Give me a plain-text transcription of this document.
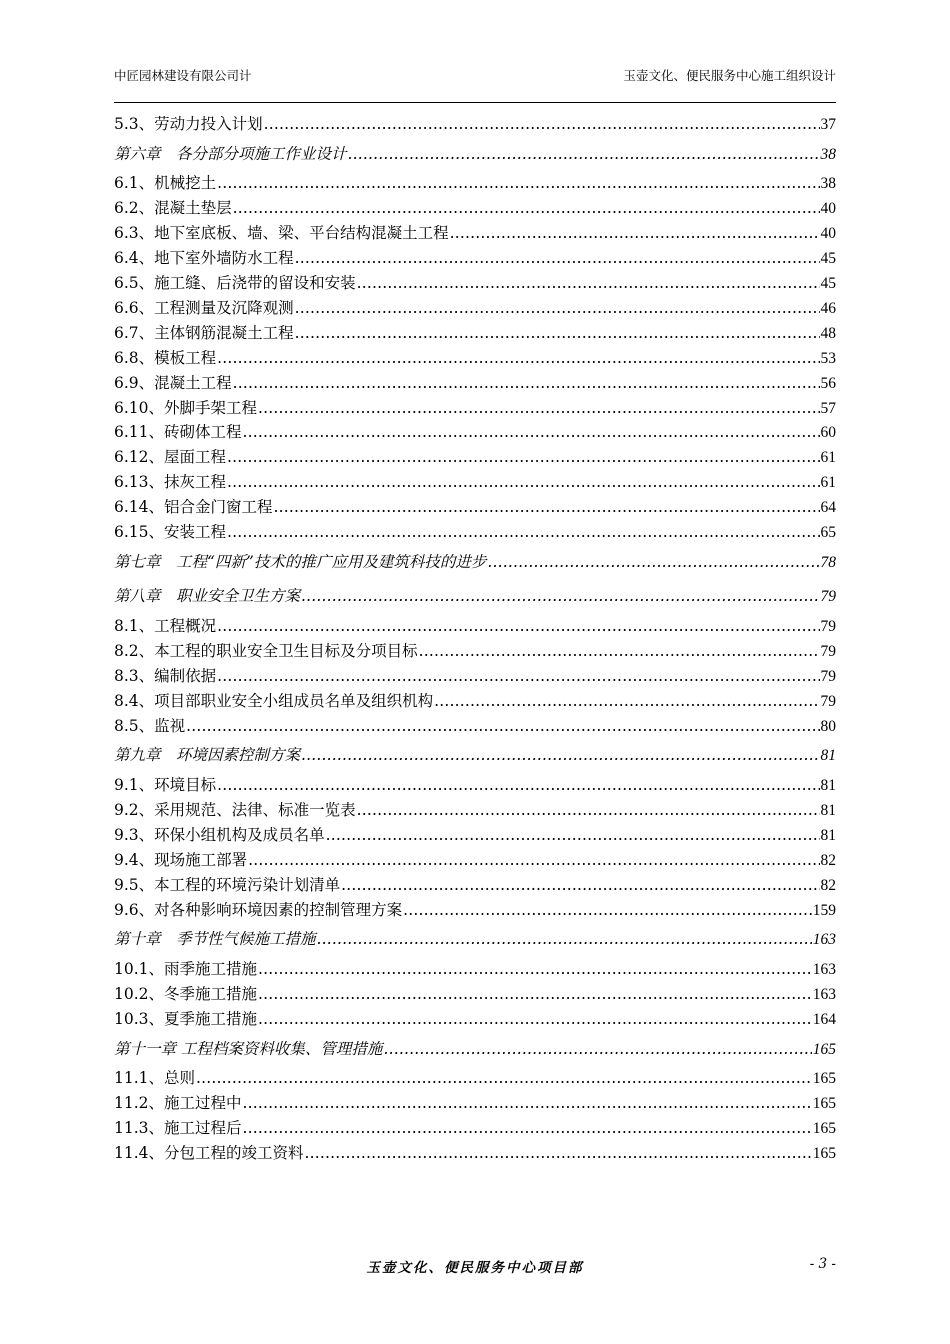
中匠园林建设有限公司计	玉壶文化、便民服务中心施工组织设计
5.3、劳动力投入计划 .....	37
第六章　各分部分项施工作业设计 .....	38
6.1、机械挖土 .....	38
6.2、混凝土垫层 .....	40
6.3、地下室底板、墙、梁、平台结构混凝土工程 .....	40
6.4、地下室外墙防水工程 .....	45
6.5、施工缝、后浇带的留设和安装 .....	45
6.6、工程测量及沉降观测 .....	46
6.7、主体钢筋混凝土工程 .....	48
6.8、模板工程 .....	53
6.9、混凝土工程 .....	56
6.10、外脚手架工程 .....	57
6.11、砖砌体工程 .....	60
6.12、屋面工程 .....	61
6.13、抹灰工程 .....	61
6.14、铝合金门窗工程 .....	64
6.15、安装工程 .....	65
第七章　工程“四新”技术的推广应用及建筑科技的进步 .....	78
第八章　职业安全卫生方案 .....	79
8.1、工程概况 .....	79
8.2、本工程的职业安全卫生目标及分项目标 .....	79
8.3、编制依据 .....	79
8.4、项目部职业安全小组成员名单及组织机构 .....	79
8.5、监视 .....	80
第九章　环境因素控制方案 .....	81
9.1、环境目标 .....	81
9.2、采用规范、法律、标准一览表 .....	81
9.3、环保小组机构及成员名单 .....	81
9.4、现场施工部署 .....	82
9.5、本工程的环境污染计划清单 .....	82
9.6、对各种影响环境因素的控制管理方案 .....	159
第十章　季节性气候施工措施 .....	163
10.1、雨季施工措施 .....	163
10.2、冬季施工措施 .....	163
10.3、夏季施工措施 .....	164
第十一章 工程档案资料收集、管理措施 .....	165
11.1、总则 .....	165
11.2、施工过程中 .....	165
11.3、施工过程后 .....	165
11.4、分包工程的竣工资料 .....	165
玉壶文化、便民服务中心项目部	- 3 -
